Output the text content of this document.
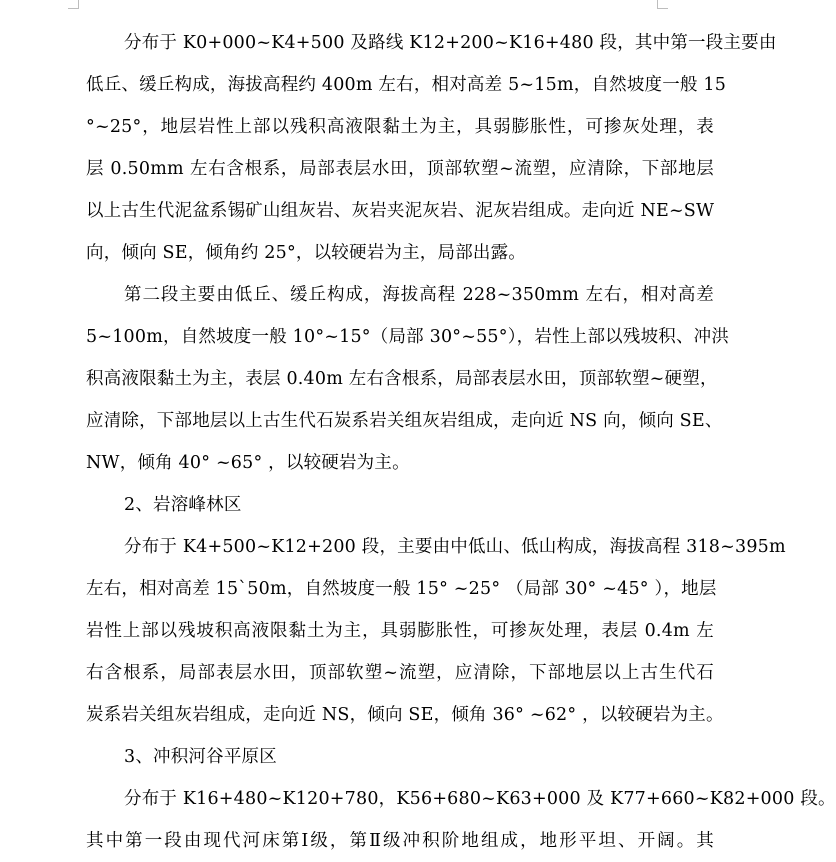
分布于 K0+000~K4+500 及路线 K12+200~K16+480 段，其中第一段主要由
低丘、缓丘构成，海拔高程约 400m 左右，相对高差 5~15m，自然坡度一般 15
°~25°，地层岩性上部以残积高液限黏土为主，具弱膨胀性，可掺灰处理，表
层 0.50mm 左右含根系，局部表层水田，顶部软塑~流塑，应清除，下部地层
以上古生代泥盆系锡矿山组灰岩、灰岩夹泥灰岩、泥灰岩组成。走向近 NE~SW
向，倾向 SE，倾角约 25°，以较硬岩为主，局部出露。
第二段主要由低丘、缓丘构成，海拔高程 228~350mm 左右，相对高差
5~100m，自然坡度一般 10°~15°（局部 30°~55°），岩性上部以残坡积、冲洪
积高液限黏土为主，表层 0.40m 左右含根系，局部表层水田，顶部软塑~硬塑，
应清除，下部地层以上古生代石炭系岩关组灰岩组成，走向近 NS 向，倾向 SE、
NW，倾角 40° ~65° ，以较硬岩为主。
2、岩溶峰林区
分布于 K4+500~K12+200 段，主要由中低山、低山构成，海拔高程 318~395m
左右，相对高差 15`50m，自然坡度一般 15° ~25° （局部 30° ~45° ），地层
岩性上部以残坡积高液限黏土为主，具弱膨胀性，可掺灰处理，表层 0.4m 左
右含根系，局部表层水田，顶部软塑~流塑，应清除，下部地层以上古生代石
炭系岩关组灰岩组成，走向近 NS，倾向 SE，倾角 36° ~62° ，以较硬岩为主。
3、冲积河谷平原区
分布于 K16+480~K120+780，K56+680~K63+000 及 K77+660~K82+000 段。
其中第一段由现代河床第Ⅰ级，第Ⅱ级冲积阶地组成，地形平坦、开阔。其
